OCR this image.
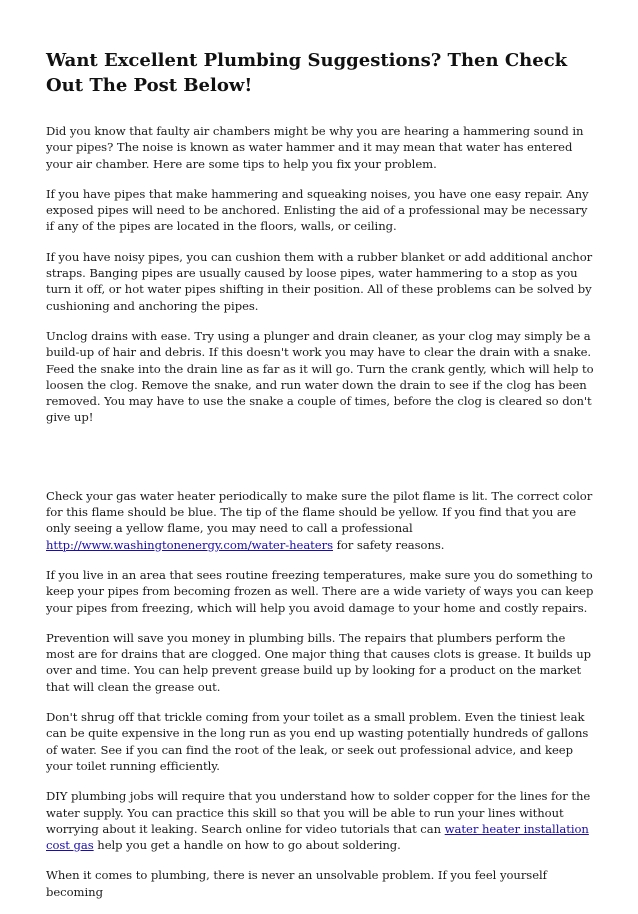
Want Excellent Plumbing Suggestions? Then Check Out The Post Below!

Did you know that faulty air chambers might be why you are hearing a hammering sound in your pipes? The noise is known as water hammer and it may mean that water has entered your air chamber. Here are some tips to help you fix your problem.

If you have pipes that make hammering and squeaking noises, you have one easy repair. Any exposed pipes will need to be anchored. Enlisting the aid of a professional may be necessary if any of the pipes are located in the floors, walls, or ceiling.

If you have noisy pipes, you can cushion them with a rubber blanket or add additional anchor straps. Banging pipes are usually caused by loose pipes, water hammering to a stop as you turn it off, or hot water pipes shifting in their position. All of these problems can be solved by cushioning and anchoring the pipes.

Unclog drains with ease. Try using a plunger and drain cleaner, as your clog may simply be a build-up of hair and debris. If this doesn't work you may have to clear the drain with a snake. Feed the snake into the drain line as far as it will go. Turn the crank gently, which will help to loosen the clog. Remove the snake, and run water down the drain to see if the clog has been removed. You may have to use the snake a couple of times, before the clog is cleared so don't give up!

Check your gas water heater periodically to make sure the pilot flame is lit. The correct color for this flame should be blue. The tip of the flame should be yellow. If you find that you are only seeing a yellow flame, you may need to call a professional http://www.washingtonenergy.com/water-heaters for safety reasons.

If you live in an area that sees routine freezing temperatures, make sure you do something to keep your pipes from becoming frozen as well. There are a wide variety of ways you can keep your pipes from freezing, which will help you avoid damage to your home and costly repairs.

Prevention will save you money in plumbing bills. The repairs that plumbers perform the most are for drains that are clogged. One major thing that causes clots is grease. It builds up over and time. You can help prevent grease build up by looking for a product on the market that will clean the grease out.

Don't shrug off that trickle coming from your toilet as a small problem. Even the tiniest leak can be quite expensive in the long run as you end up wasting potentially hundreds of gallons of water. See if you can find the root of the leak, or seek out professional advice, and keep your toilet running efficiently.

DIY plumbing jobs will require that you understand how to solder copper for the lines for the water supply. You can practice this skill so that you will be able to run your lines without worrying about it leaking. Search online for video tutorials that can water heater installation cost gas help you get a handle on how to go about soldering.

When it comes to plumbing, there is never an unsolvable problem. If you feel yourself becoming
